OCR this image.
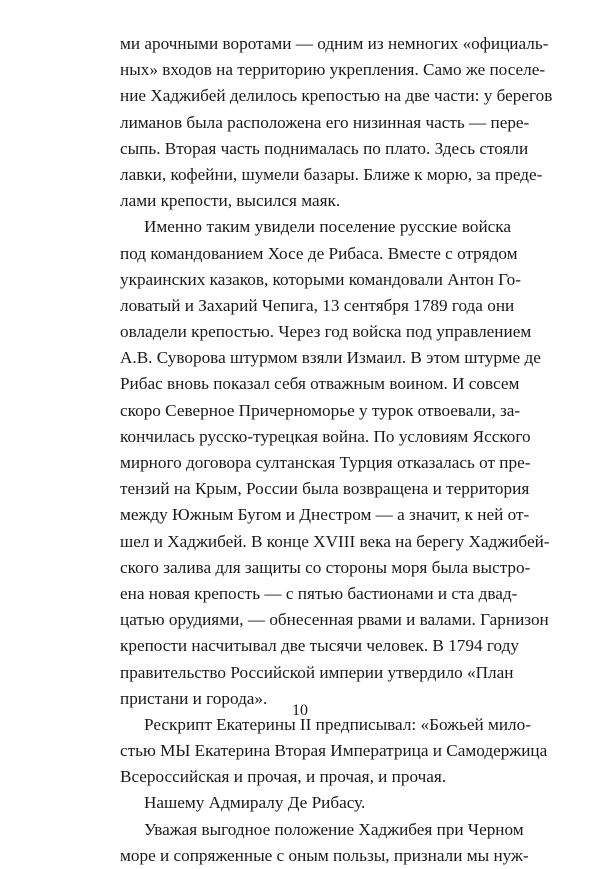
ми арочными воротами — одним из немногих «официаль-
ных» входов на территорию укрепления. Само же поселе-
ние Хаджибей делилось крепостью на две части: у берегов
лиманов была расположена его низинная часть — пере-
сыпь. Вторая часть поднималась по плато. Здесь стояли
лавки, кофейни, шумели базары. Ближе к морю, за преде-
лами крепости, высился маяк.
Именно таким увидели поселение русские войска
под командованием Хосе де Рибаса. Вместе с отрядом
украинских казаков, которыми командовали Антон Го-
ловатый и Захарий Чепига, 13 сентября 1789 года они
овладели крепостью. Через год войска под управлением
А.В. Суворова штурмом взяли Измаил. В этом штурме де
Рибас вновь показал себя отважным воином. И совсем
скоро Северное Причерноморье у турок отвоевали, за-
кончилась русско-турецкая война. По условиям Ясского
мирного договора султанская Турция отказалась от пре-
тензий на Крым, России была возвращена и территория
между Южным Бугом и Днестром — а значит, к ней от-
шел и Хаджибей. В конце XVIII века на берегу Хаджибей-
ского залива для защиты со стороны моря была выстро-
ена новая крепость — с пятью бастионами и ста двад-
цатью орудиями, — обнесенная рвами и валами. Гарнизон
крепости насчитывал две тысячи человек. В 1794 году
правительство Российской империи утвердило «План
пристани и города».
Рескрипт Екатерины II предписывал: «Божьей мило-
стью МЫ Екатерина Вторая Императрица и Самодержица
Всероссийская и прочая, и прочая, и прочая.
Нашему Адмиралу Де Рибасу.
Уважая выгодное положение Хаджибея при Черном
море и сопряженные с оным пользы, признали мы нуж-
10
